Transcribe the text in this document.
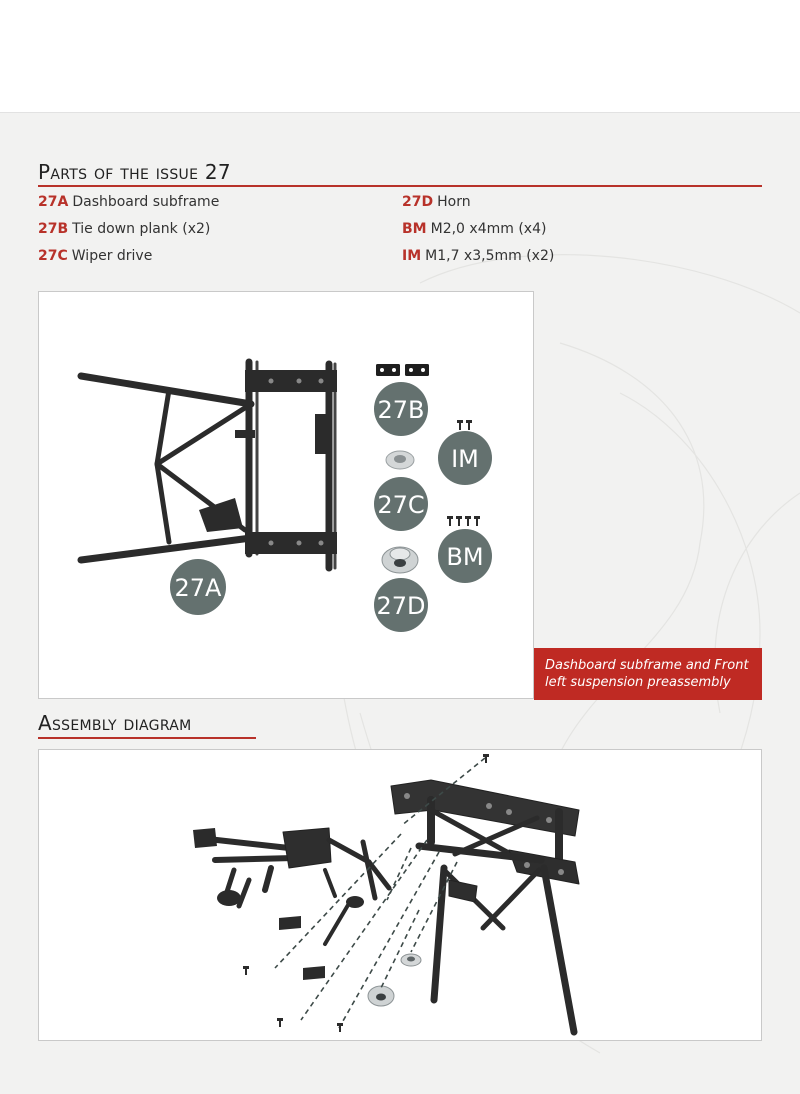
Parts of the issue 27
27A Dashboard subframe
27B Tie down plank (x2)
27C Wiper drive
27D Horn
BM M2,0 x4mm (x4)
IM M1,7 x3,5mm (x2)
27A
27B
27C
27D
IM
BM
Dashboard subframe and Front left suspension preassembly
Assembly diagram
